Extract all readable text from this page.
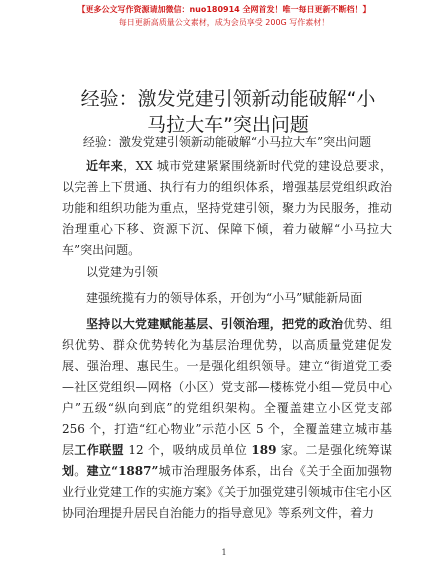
【更多公文写作资源请加微信：nuo180914 全网首发！唯一每日更新不断档！】
每日更新高质量公文素材，成为会员享受 200G 写作素材！
经验：激发党建引领新动能破解“小马拉大车”突出问题
经验：激发党建引领新动能破解“小马拉大车”突出问题
近年来，XX 城市党建紧紧围绕新时代党的建设总要求，以完善上下贯通、执行有力的组织体系，增强基层党组织政治功能和组织功能为重点，坚持党建引领，聚力为民服务，推动治理重心下移、资源下沉、保障下倾，着力破解“小马拉大车”突出问题。
以党建为引领
建强统揽有力的领导体系，开创为“小马”赋能新局面
坚持以大党建赋能基层、引领治理，把党的政治优势、组织优势、群众优势转化为基层治理优势，以高质量党建促发展、强治理、惠民生。一是强化组织领导。建立“街道党工委—社区党组织—网格（小区）党支部—楼栋党小组—党员中心户”五级“纵向到底”的党组织架构。全覆盖建立小区党支部 256 个，打造“红心物业”示范小区 5 个，全覆盖建立城市基层工作联盟 12 个，吸纳成员单位 189 家。二是强化统筹谋划。建立“1887”城市治理服务体系，出台《关于全面加强物业行业党建工作的实施方案》《关于加强党建引领城市住宅小区协同治理提升居民自治能力的指导意见》等系列文件，着力
1
